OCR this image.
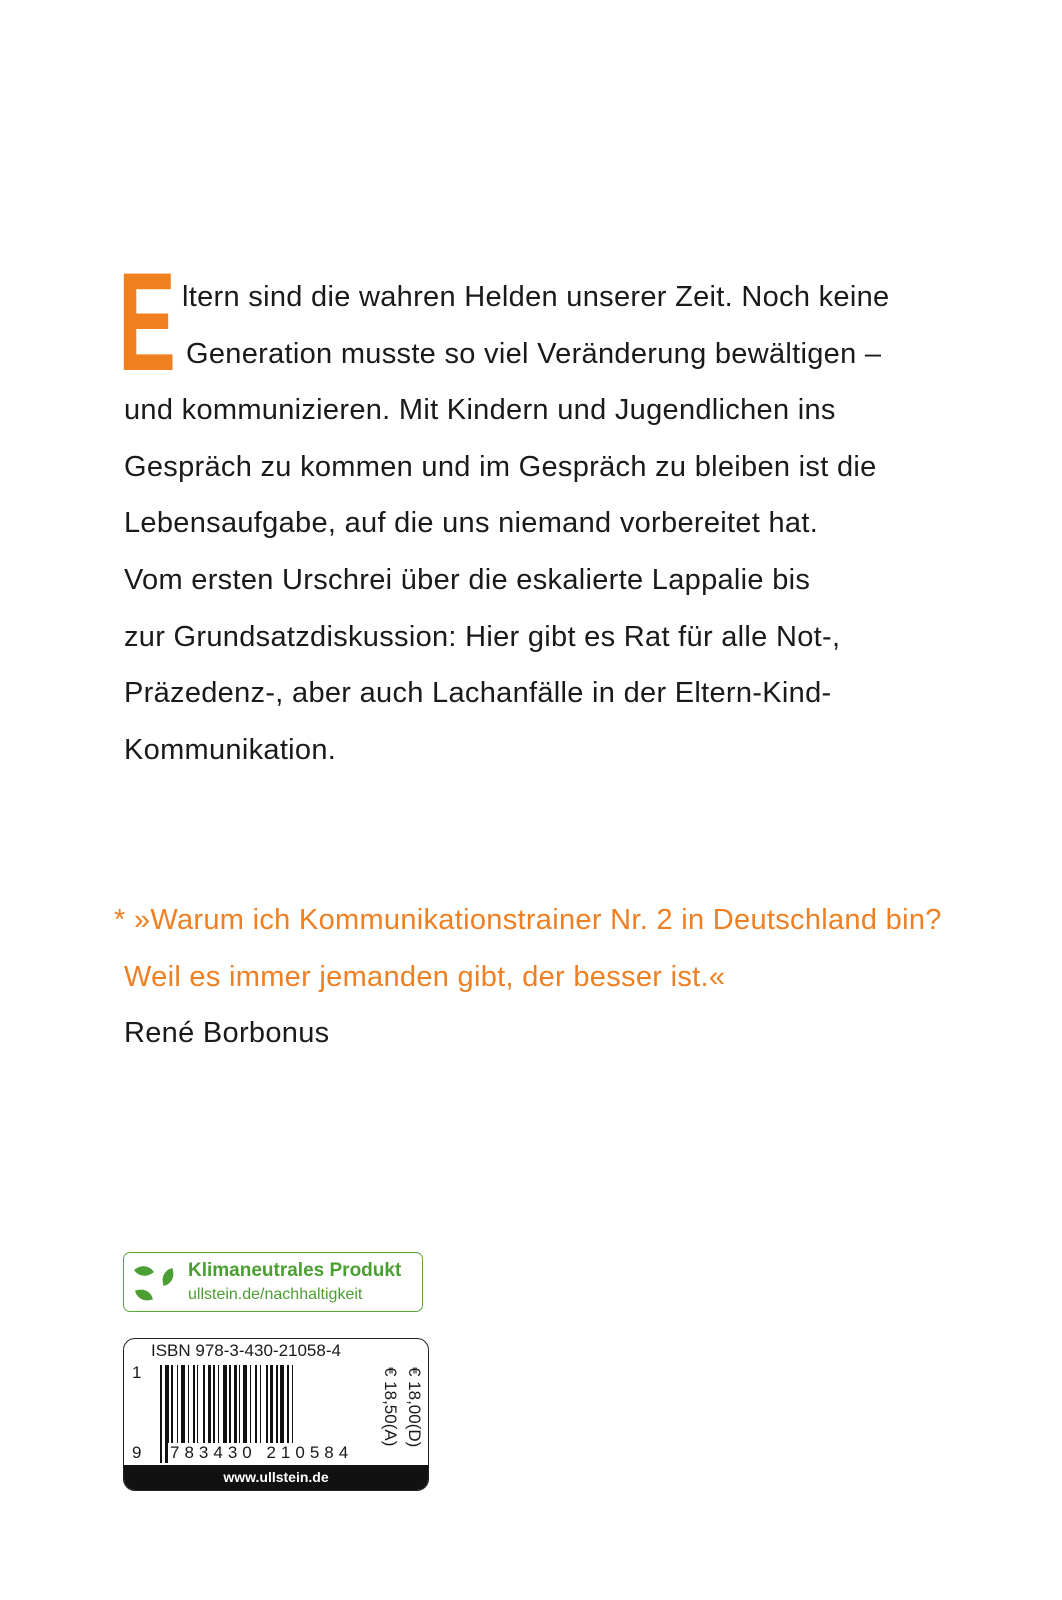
E ltern sind die wahren Helden unserer Zeit. Noch keine
Generation musste so viel Veränderung bewältigen –
und kommunizieren. Mit Kindern und Jugendlichen ins
Gespräch zu kommen und im Gespräch zu bleiben ist die
Lebensaufgabe, auf die uns niemand vorbereitet hat.
Vom ersten Urschrei über die eskalierte Lappalie bis
zur Grundsatzdiskussion: Hier gibt es Rat für alle Not-,
Präzedenz-, aber auch Lachanfälle in der Eltern-Kind-
Kommunikation.
* »Warum ich Kommunikationstrainer Nr. 2 in Deutschland bin?
Weil es immer jemanden gibt, der besser ist.«
René Borbonus
Klimaneutrales Produkt
ullstein.de/nachhaltigkeit
ISBN 978-3-430-21058-4
1
9 783430 210584
€ 18,00(D)
€ 18,50(A)
www.ullstein.de
